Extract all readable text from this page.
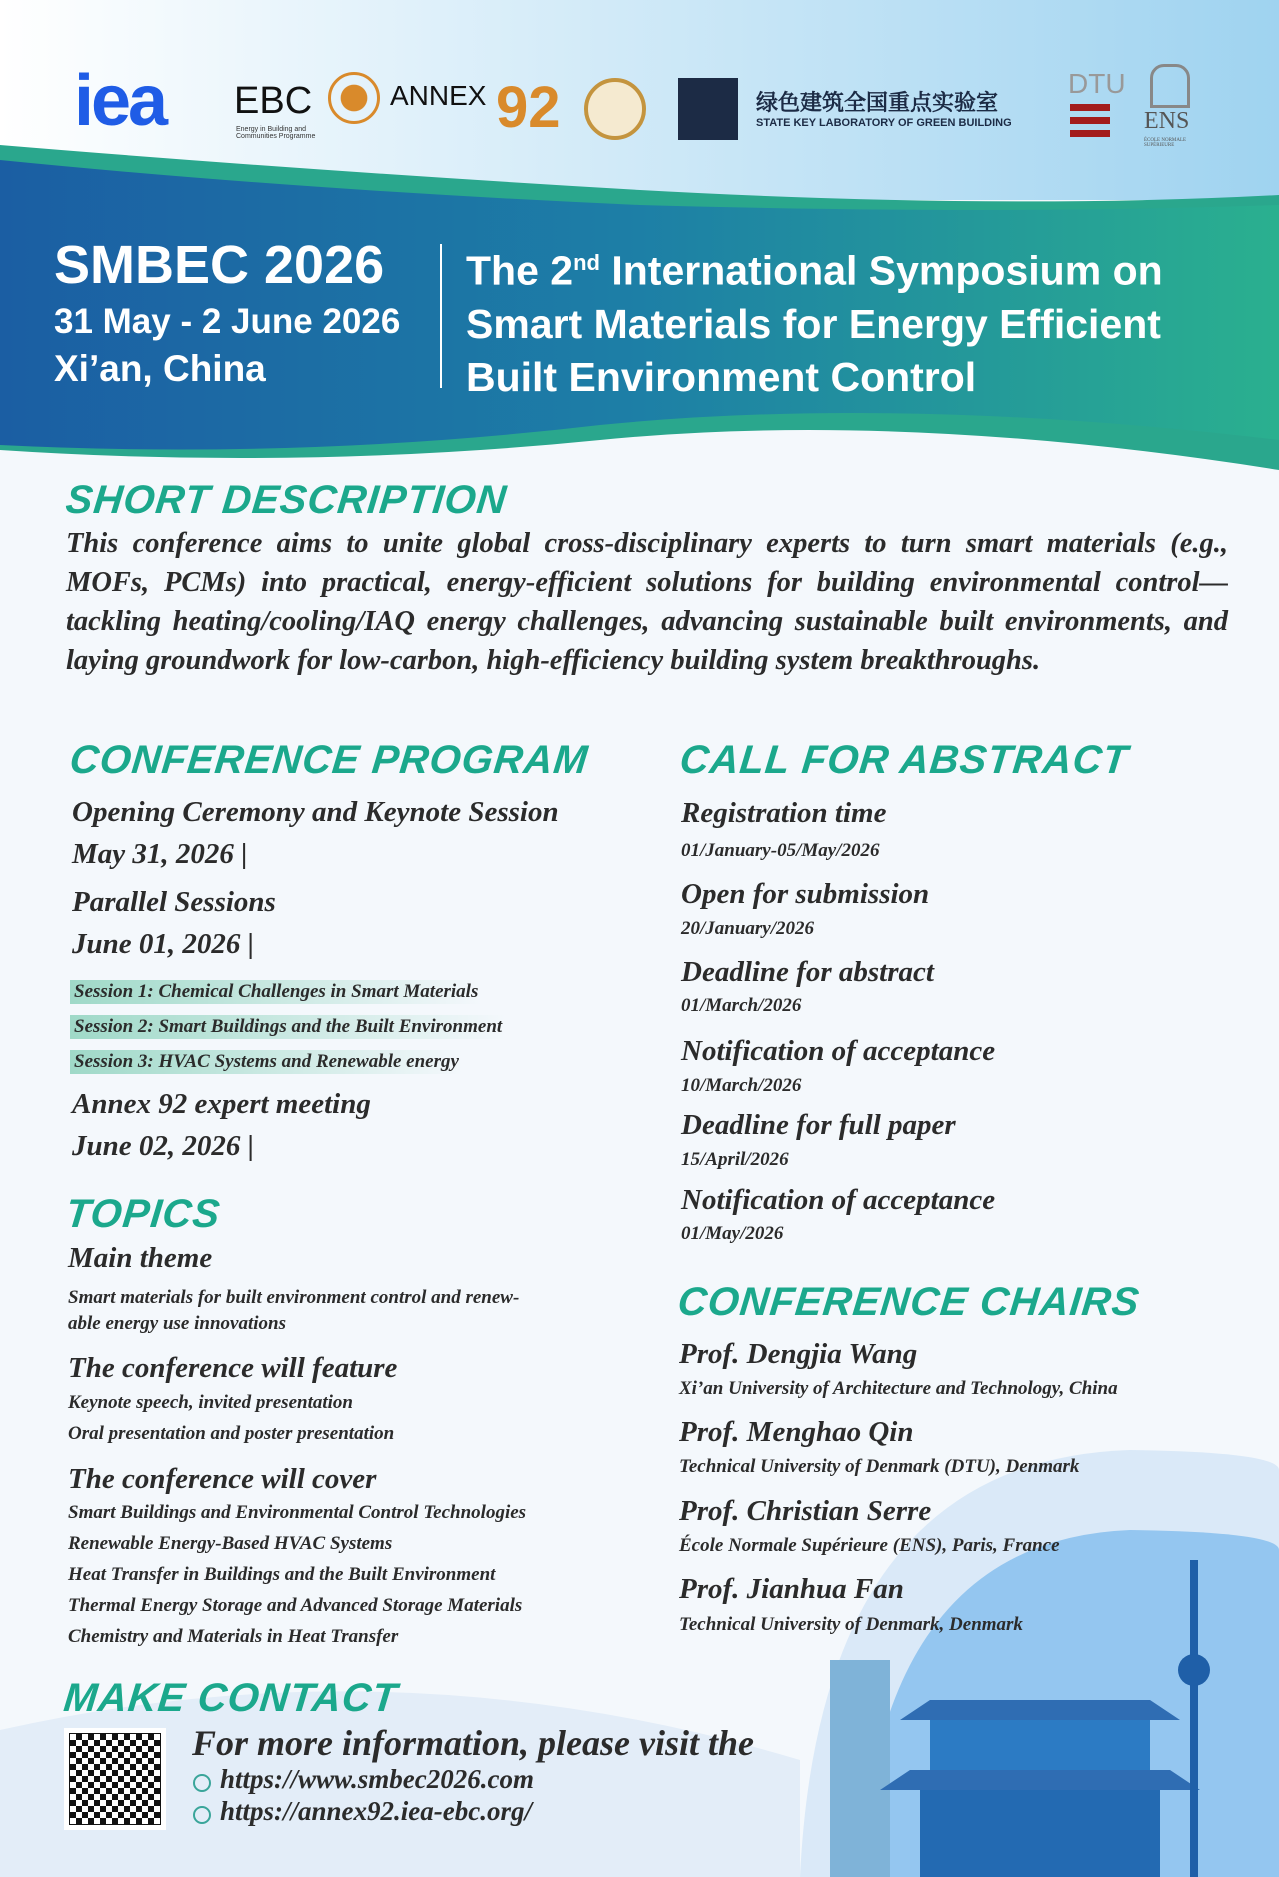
iea EBC
Energy in Building and Communities Programme
ANNEX 92	绿色建筑全国重点实验室
STATE KEY LABORATORY OF GREEN BUILDING
DTU
ENS
ÉCOLE NORMALE SUPÉRIEURE
SMBEC 2026
31 May - 2 June 2026
Xi’an, China
The 2nd International Symposium on
Smart Materials for Energy Efficient
Built Environment Control
SHORT DESCRIPTION
This conference aims to unite global cross-disciplinary experts to turn smart materials (e.g., MOFs, PCMs) into practical, energy-efficient solutions for building environmental control—tackling heating/cooling/IAQ energy challenges, advancing sustainable built environments, and laying groundwork for low-carbon, high-efficiency building system breakthroughs.
CONFERENCE PROGRAM
Opening Ceremony and Keynote Session
May 31, 2026 |
Parallel Sessions
June 01, 2026 |
Session 1: Chemical Challenges in Smart Materials
Session 2: Smart Buildings and the Built Environment
Session 3: HVAC Systems and Renewable energy
Annex 92 expert meeting
June 02, 2026 |
TOPICS
Main theme
Smart materials for built environment control and renew-
able energy use innovations
The conference will feature
Keynote speech, invited presentation
Oral presentation and poster presentation
The conference will cover
Smart Buildings and Environmental Control Technologies
Renewable Energy-Based HVAC Systems
Heat Transfer in Buildings and the Built Environment
Thermal Energy Storage and Advanced Storage Materials
Chemistry and Materials in Heat Transfer
CALL FOR ABSTRACT
Registration time
01/January-05/May/2026
Open for submission
20/January/2026
Deadline for abstract
01/March/2026
Notification of acceptance
10/March/2026
Deadline for full paper
15/April/2026
Notification of acceptance
01/May/2026
CONFERENCE CHAIRS
Prof. Dengjia Wang
Xi’an University of Architecture and Technology, China
Prof. Menghao Qin
Technical University of Denmark (DTU), Denmark
Prof. Christian Serre
École Normale Supérieure (ENS), Paris, France
Prof. Jianhua Fan
Technical University of Denmark, Denmark
MAKE CONTACT
For more information, please visit the
https://www.smbec2026.com
https://annex92.iea-ebc.org/
